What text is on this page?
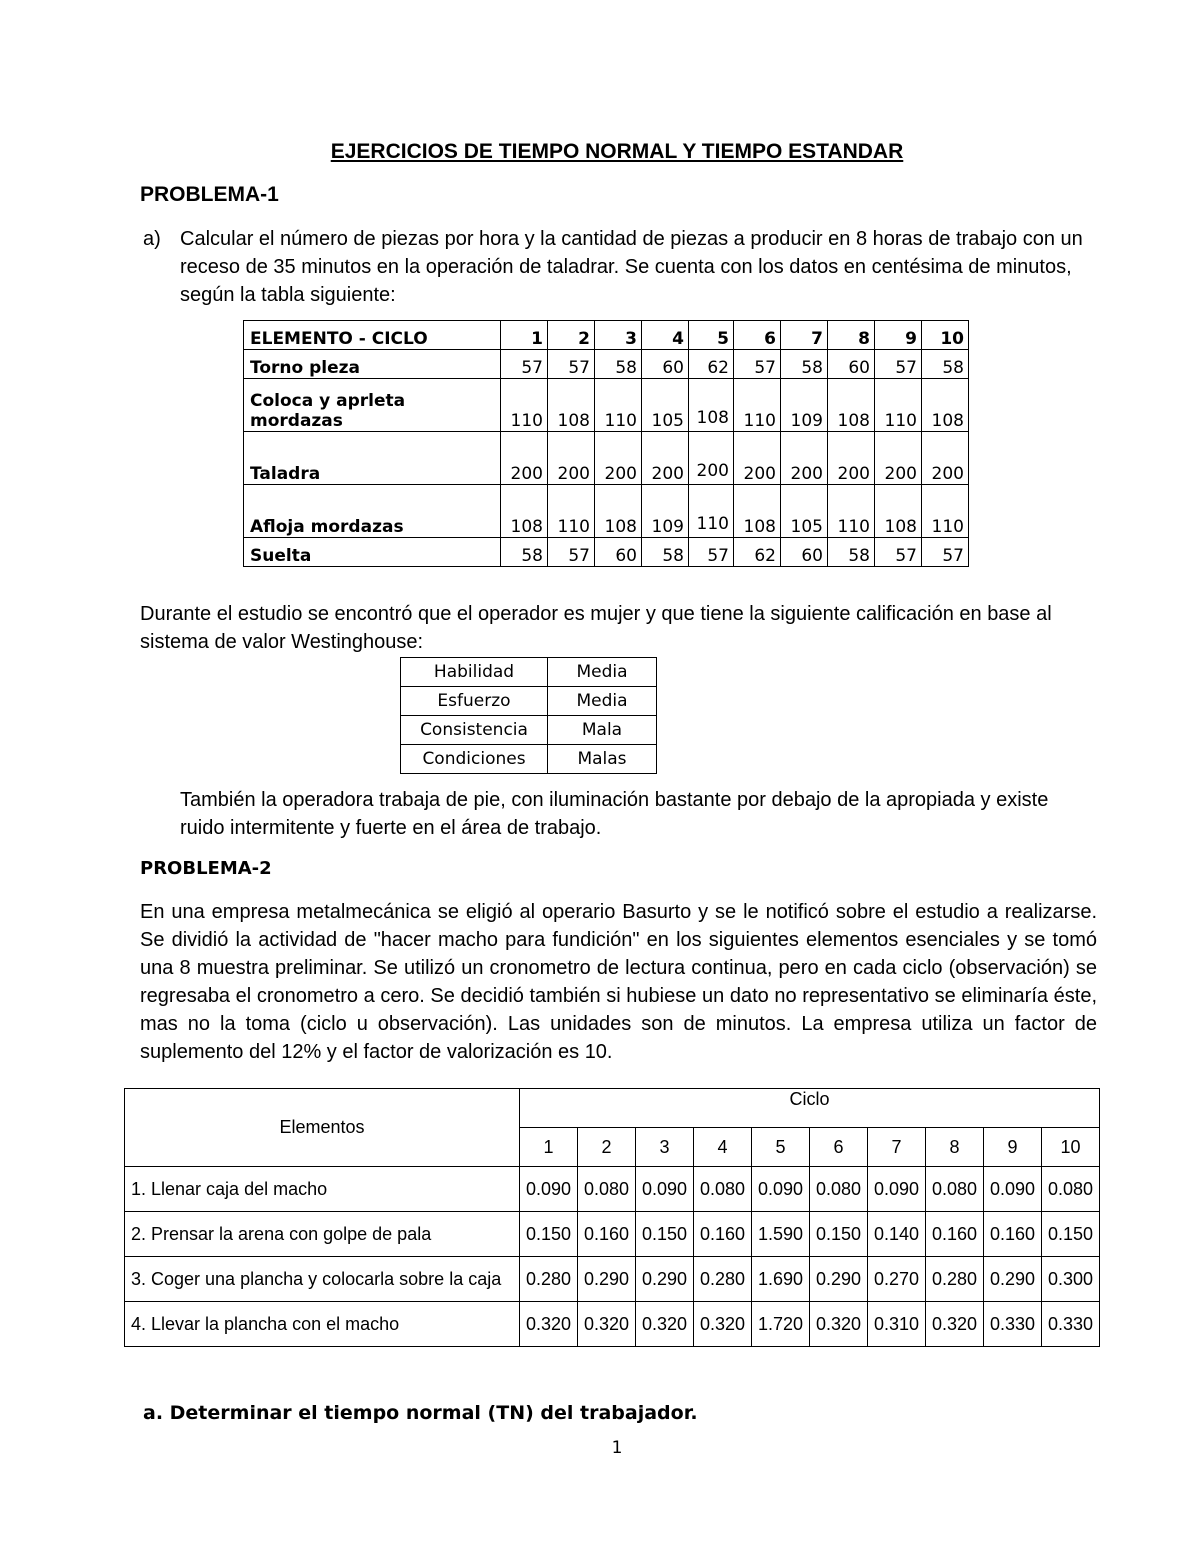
EJERCICIOS DE TIEMPO NORMAL Y TIEMPO ESTANDAR
PROBLEMA-1
a) Calcular el número de piezas por hora y la cantidad de piezas a producir en 8 horas de trabajo con un receso de 35 minutos en la operación de taladrar. Se cuenta con los datos en centésima de minutos, según la tabla siguiente:
ELEMENTO - CICLO	1	2	3	4	5	6	7	8	9	10
Torno pleza	57	57	58	60	62	57	58	60	57	58
Coloca y aprleta mordazas	110	108	110	105	108	110	109	108	110	108
Taladra	200	200	200	200	200	200	200	200	200	200
Afloja mordazas	108	110	108	109	110	108	105	110	108	110
Suelta	58	57	60	58	57	62	60	58	57	57
Durante el estudio se encontró que el operador es mujer y que tiene la siguiente calificación en base al sistema de valor Westinghouse:
Habilidad	Media
Esfuerzo	Media
Consistencia	Mala
Condiciones	Malas
También la operadora trabaja de pie, con iluminación bastante por debajo de la apropiada y existe ruido intermitente y fuerte en el área de trabajo.
PROBLEMA-2
En una empresa metalmecánica se eligió al operario Basurto y se le notificó sobre el estudio a realizarse. Se dividió la actividad de "hacer macho para fundición" en los siguientes elementos esenciales y se tomó una 8 muestra preliminar. Se utilizó un cronometro de lectura continua, pero en cada ciclo (observación) se regresaba el cronometro a cero. Se decidió también si hubiese un dato no representativo se eliminaría éste, mas no la toma (ciclo u observación). Las unidades son de minutos. La empresa utiliza un factor de suplemento del 12% y el factor de valorización es 10.
Elementos	Ciclo									
	1	2	3	4	5	6	7	8	9	10
1. Llenar caja del macho	0.090	0.080	0.090	0.080	0.090	0.080	0.090	0.080	0.090	0.080
2. Prensar la arena con golpe de pala	0.150	0.160	0.150	0.160	1.590	0.150	0.140	0.160	0.160	0.150
3. Coger una plancha y colocarla sobre la caja	0.280	0.290	0.290	0.280	1.690	0.290	0.270	0.280	0.290	0.300
4. Llevar la plancha con el macho	0.320	0.320	0.320	0.320	1.720	0.320	0.310	0.320	0.330	0.330
a. Determinar el tiempo normal (TN) del trabajador.
1
